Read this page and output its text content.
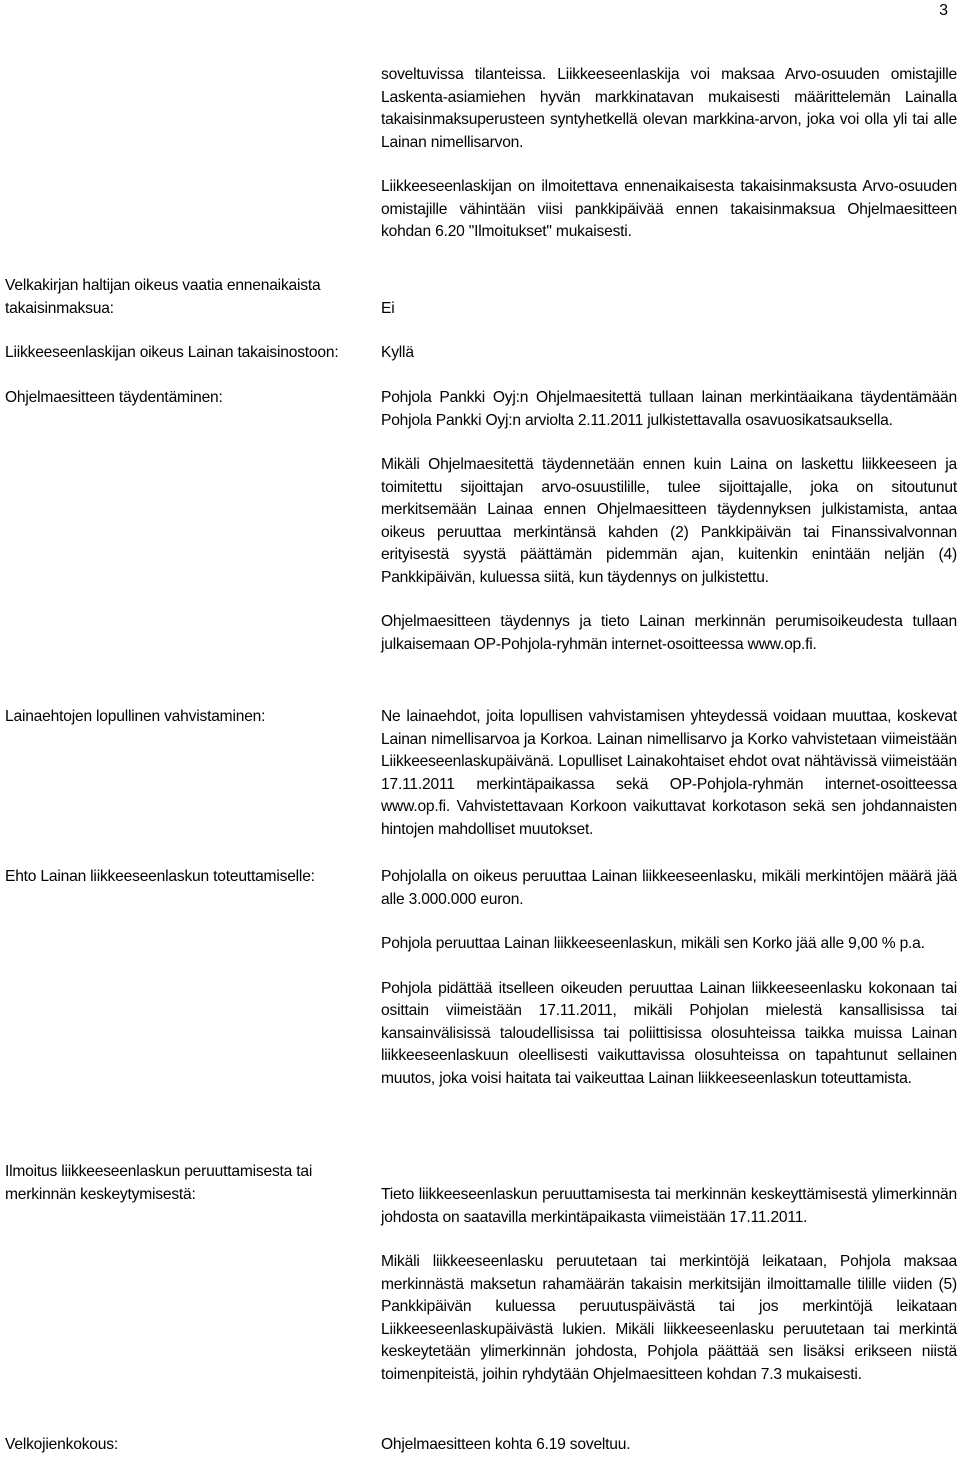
3

soveltuvissa tilanteissa. Liikkeeseenlaskija voi maksaa Arvo-osuuden omistajille Laskenta-asiamiehen hyvän markkinatavan mukaisesti määrittelemän Lainalla takaisinmaksuperusteen syntyhetkellä olevan markkina-arvon, joka voi olla yli tai alle Lainan nimellisarvon.

Liikkeeseenlaskijan on ilmoitettava ennenaikaisesta takaisinmaksusta Arvo-osuuden omistajille vähintään viisi pankkipäivää ennen takaisinmaksua Ohjelmaesitteen kohdan 6.20 "Ilmoitukset" mukaisesti.

Velkakirjan haltijan oikeus vaatia ennenaikaista takaisinmaksua:	Ei
Liikkeeseenlaskijan oikeus Lainan takaisinostoon:	Kyllä
Ohjelmaesitteen täydentäminen:	Pohjola Pankki Oyj:n Ohjelmaesitettä tullaan lainan merkintäaikana täydentämään Pohjola Pankki Oyj:n arviolta 2.11.2011 julkistettavalla osavuosikatsauksella.

Mikäli Ohjelmaesitettä täydennetään ennen kuin Laina on laskettu liikkeeseen ja toimitettu sijoittajan arvo-osuustilille, tulee sijoittajalle, joka on sitoutunut merkitsemään Lainaa ennen Ohjelmaesitteen täydennyksen julkistamista, antaa oikeus peruuttaa merkintänsä kahden (2) Pankkipäivän tai Finanssivalvonnan erityisestä syystä päättämän pidemmän ajan, kuitenkin enintään neljän (4) Pankkipäivän, kuluessa siitä, kun täydennys on julkistettu.

Ohjelmaesitteen täydennys ja tieto Lainan merkinnän perumisoikeudesta tullaan julkaisemaan OP-Pohjola-ryhmän internet-osoitteessa www.op.fi.

Lainaehtojen lopullinen vahvistaminen:	Ne lainaehdot, joita lopullisen vahvistamisen yhteydessä voidaan muuttaa, koskevat Lainan nimellisarvoa ja Korkoa. Lainan nimellisarvo ja Korko vahvistetaan viimeistään Liikkeeseenlaskupäivänä. Lopulliset Lainakohtaiset ehdot ovat nähtävissä viimeistään 17.11.2011 merkintäpaikassa sekä OP-Pohjola-ryhmän internet-osoitteessa www.op.fi. Vahvistettavaan Korkoon vaikuttavat korkotason sekä sen johdannaisten hintojen mahdolliset muutokset.

Ehto Lainan liikkeeseenlaskun toteuttamiselle:	Pohjolalla on oikeus peruuttaa Lainan liikkeeseenlasku, mikäli merkintöjen määrä jää alle 3.000.000 euron.

Pohjola peruuttaa Lainan liikkeeseenlaskun, mikäli sen Korko jää alle 9,00 % p.a.

Pohjola pidättää itselleen oikeuden peruuttaa Lainan liikkeeseenlasku kokonaan tai osittain viimeistään 17.11.2011, mikäli Pohjolan mielestä kansallisissa tai kansainvälisissä taloudellisissa tai poliittisissa olosuhteissa taikka muissa Lainan liikkeeseenlaskuun oleellisesti vaikuttavissa olosuhteissa on tapahtunut sellainen muutos, joka voisi haitata tai vaikeuttaa Lainan liikkeeseenlaskun toteuttamista.

Ilmoitus liikkeeseenlaskun peruuttamisesta tai merkinnän keskeytymisestä:	Tieto liikkeeseenlaskun peruuttamisesta tai merkinnän keskeyttämisestä ylimerkinnän johdosta on saatavilla merkintäpaikasta viimeistään 17.11.2011.

Mikäli liikkeeseenlasku peruutetaan tai merkintöjä leikataan, Pohjola maksaa merkinnästä maksetun rahamäärän takaisin merkitsijän ilmoittamalle tilille viiden (5) Pankkipäivän kuluessa peruutuspäivästä tai jos merkintöjä leikataan Liikkeeseenlaskupäivästä lukien. Mikäli liikkeeseenlasku peruutetaan tai merkintä keskeytetään ylimerkinnän johdosta, Pohjola päättää sen lisäksi erikseen niistä toimenpiteistä, joihin ryhdytään Ohjelmaesitteen kohdan 7.3 mukaisesti.

Velkojienkokous:	Ohjelmaesitteen kohta 6.19 soveltuu.
